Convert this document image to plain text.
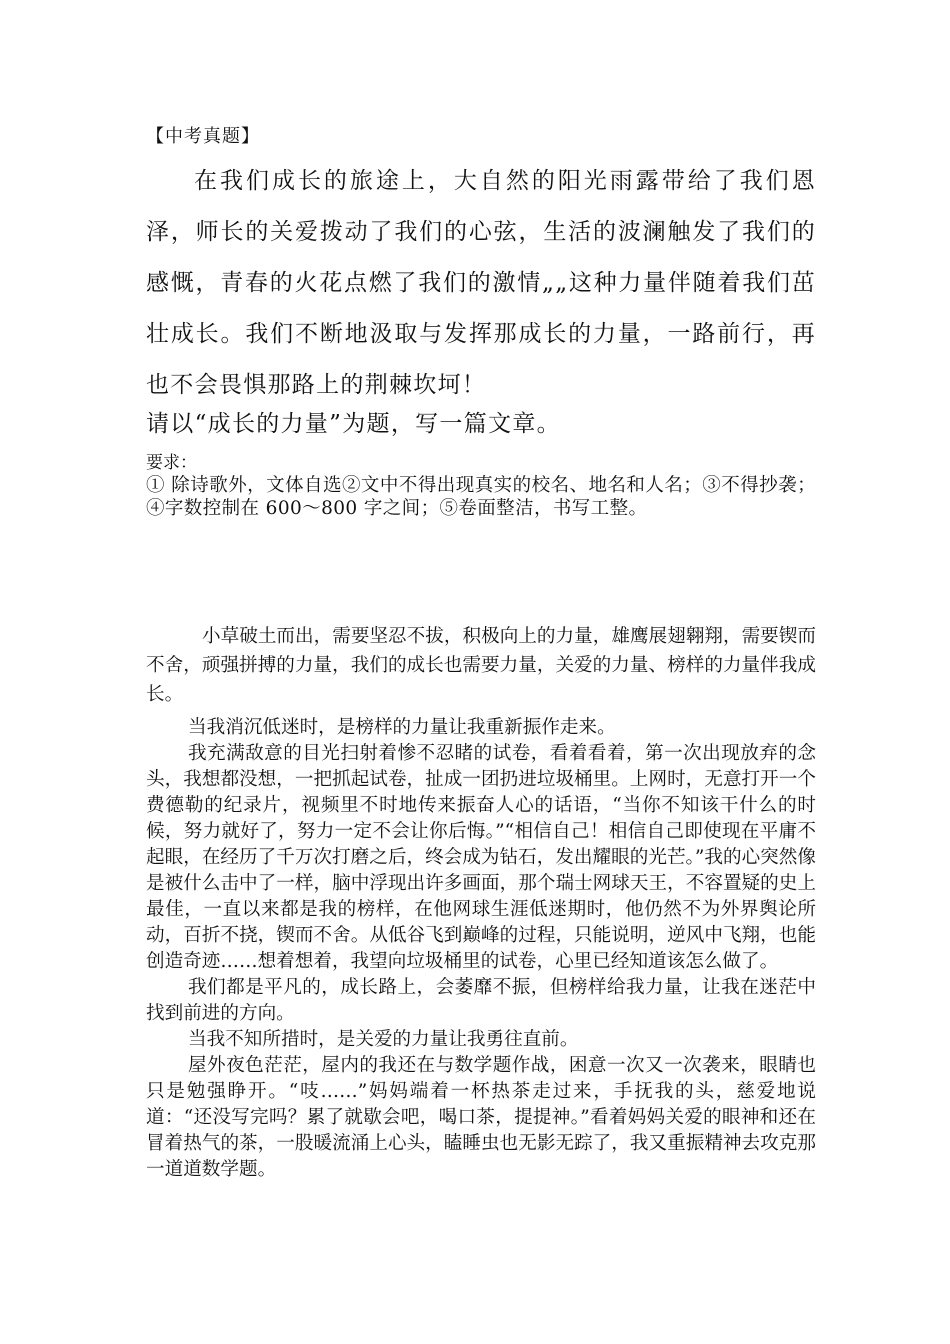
【中考真题】
在我们成长的旅途上，大自然的阳光雨露带给了我们恩泽，师长的关爱拨动了我们的心弦，生活的波澜触发了我们的感慨，青春的火花点燃了我们的激情„„这种力量伴随着我们茁壮成长。我们不断地汲取与发挥那成长的力量，一路前行，再也不会畏惧那路上的荆棘坎坷！
请以“成长的力量”为题，写一篇文章。
要求：
① 除诗歌外，文体自选②文中不得出现真实的校名、地名和人名；③不得抄袭；④字数控制在 600～800 字之间；⑤卷面整洁，书写工整。

小草破土而出，需要坚忍不拔，积极向上的力量，雄鹰展翅翱翔，需要锲而不舍，顽强拼搏的力量，我们的成长也需要力量，关爱的力量、榜样的力量伴我成长。

当我消沉低迷时，是榜样的力量让我重新振作走来。

我充满敌意的目光扫射着惨不忍睹的试卷，看着看着，第一次出现放弃的念头，我想都没想，一把抓起试卷，扯成一团扔进垃圾桶里。上网时，无意打开一个费德勒的纪录片，视频里不时地传来振奋人心的话语，“当你不知该干什么的时候，努力就好了，努力一定不会让你后悔。”“相信自己！相信自己即使现在平庸不起眼，在经历了千万次打磨之后，终会成为钻石，发出耀眼的光芒。”我的心突然像是被什么击中了一样，脑中浮现出许多画面，那个瑞士网球天王，不容置疑的史上最佳，一直以来都是我的榜样，在他网球生涯低迷期时，他仍然不为外界舆论所动，百折不挠，锲而不舍。从低谷飞到巅峰的过程，只能说明，逆风中飞翔，也能创造奇迹……想着想着，我望向垃圾桶里的试卷，心里已经知道该怎么做了。

我们都是平凡的，成长路上，会萎靡不振，但榜样给我力量，让我在迷茫中找到前进的方向。

当我不知所措时，是关爱的力量让我勇往直前。

屋外夜色茫茫，屋内的我还在与数学题作战，困意一次又一次袭来，眼睛也只是勉强睁开。“吱……”妈妈端着一杯热茶走过来，手抚我的头，慈爱地说道：“还没写完吗？累了就歇会吧，喝口茶，提提神。”看着妈妈关爱的眼神和还在冒着热气的茶，一股暖流涌上心头，瞌睡虫也无影无踪了，我又重振精神去攻克那一道道数学题。
